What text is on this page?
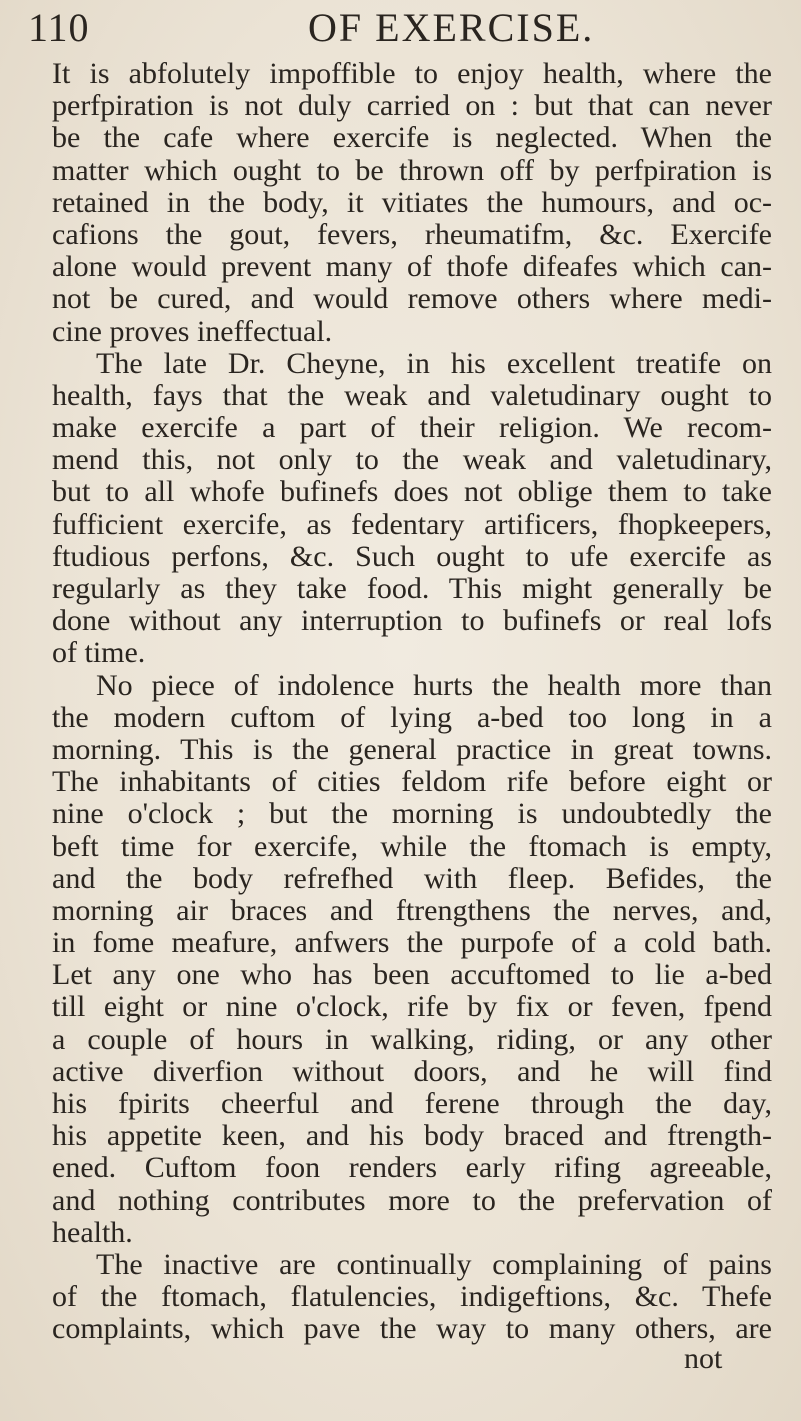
110	OF EXERCISE.
It is abfolutely impoffible to enjoy health, where the
perfpiration is not duly carried on : but that can never
be the cafe where exercife is neglected. When the
matter which ought to be thrown off by perfpiration is
retained in the body, it vitiates the humours, and oc-
cafions the gout, fevers, rheumatifm, &c. Exercife
alone would prevent many of thofe difeafes which can-
not be cured, and would remove others where medi-
cine proves ineffectual.
The late Dr. Cheyne, in his excellent treatife on
health, fays that the weak and valetudinary ought to
make exercife a part of their religion. We recom-
mend this, not only to the weak and valetudinary,
but to all whofe bufinefs does not oblige them to take
fufficient exercife, as fedentary artificers, fhopkeepers,
ftudious perfons, &c. Such ought to ufe exercife as
regularly as they take food. This might generally be
done without any interruption to bufinefs or real lofs
of time.
No piece of indolence hurts the health more than
the modern cuftom of lying a-bed too long in a
morning. This is the general practice in great towns.
The inhabitants of cities feldom rife before eight or
nine o'clock ; but the morning is undoubtedly the
beft time for exercife, while the ftomach is empty,
and the body refrefhed with fleep. Befides, the
morning air braces and ftrengthens the nerves, and,
in fome meafure, anfwers the purpofe of a cold bath.
Let any one who has been accuftomed to lie a-bed
till eight or nine o'clock, rife by fix or feven, fpend
a couple of hours in walking, riding, or any other
active diverfion without doors, and he will find
his fpirits cheerful and ferene through the day,
his appetite keen, and his body braced and ftrength-
ened. Cuftom foon renders early rifing agreeable,
and nothing contributes more to the prefervation of
health.
The inactive are continually complaining of pains
of the ftomach, flatulencies, indigeftions, &c. Thefe
complaints, which pave the way to many others, are
not
